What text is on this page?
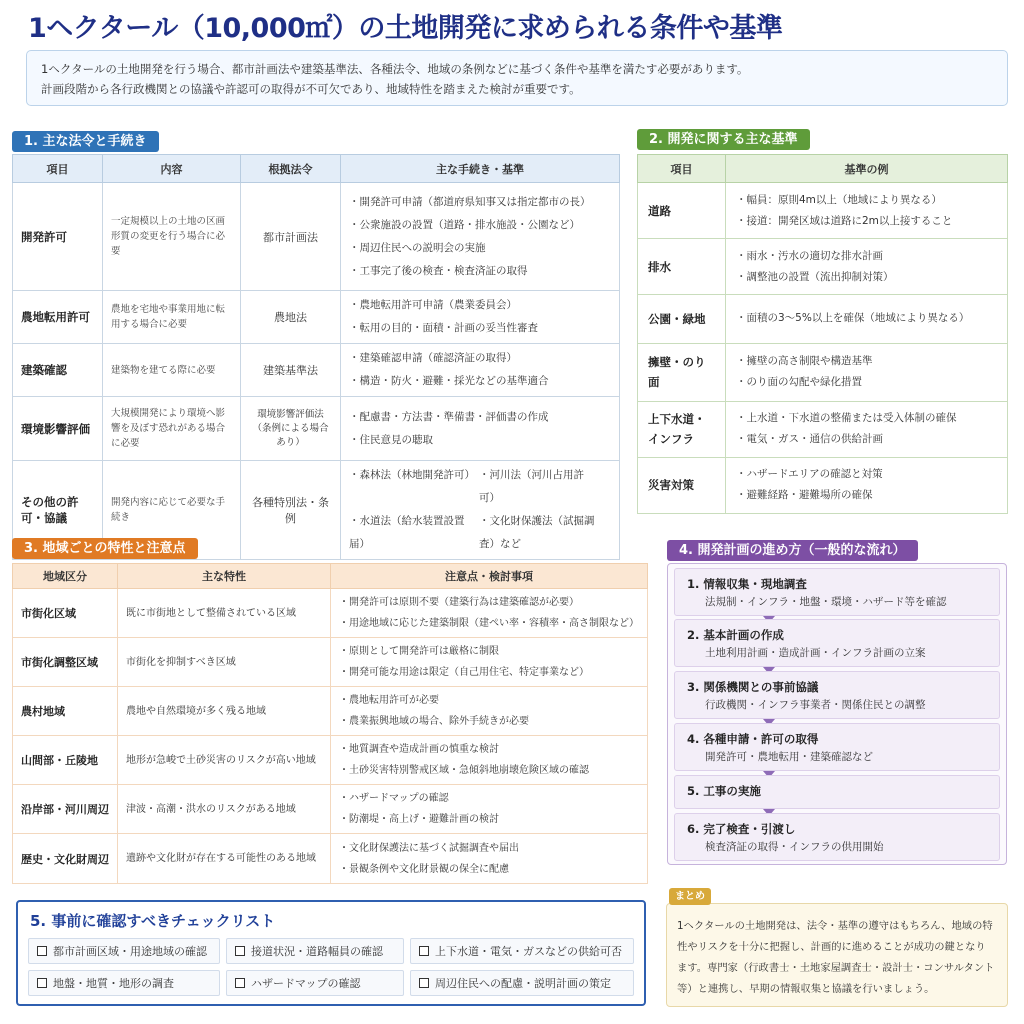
1ヘクタール（10,000㎡）の土地開発に求められる条件や基準
1ヘクタールの土地開発を行う場合、都市計画法や建築基準法、各種法令、地域の条例などに基づく条件や基準を満たす必要があります。
計画段階から各行政機関との協議や許認可の取得が不可欠であり、地域特性を踏まえた検討が重要です。
1. 主な法令と手続き
項目	内容	根拠法令	主な手続き・基準
開発許可	一定規模以上の土地の区画形質の変更を行う場合に必要	都市計画法	・開発許可申請（都道府県知事又は指定都市の長）
・公衆施設の設置（道路・排水施設・公園など）
・周辺住民への説明会の実施
・工事完了後の検査・検査済証の取得

農地転用許可	農地を宅地や事業用地に転用する場合に必要	農地法	・農地転用許可申請（農業委員会）
・転用の目的・面積・計画の妥当性審査

建築確認	建築物を建てる際に必要	建築基準法	・建築確認申請（確認済証の取得）
・構造・防火・避難・採光などの基準適合

環境影響評価	大規模開発により環境へ影響を及ぼす恐れがある場合に必要	環境影響評価法（条例による場合あり）	・配慮書・方法書・準備書・評価書の作成
・住民意見の聴取

その他の許可・協議	開発内容に応じて必要な手続き	各種特別法・条例	・森林法（林地開発許可） ・河川法（河川占用許可）
・水道法（給水装置設置届）
・文化財保護法（試掘調査）など
2. 開発に関する主な基準
項目	基準の例
道路	・幅員：原則4m以上（地域により異なる）
・接道：開発区域は道路に2m以上接すること

排水	・雨水・汚水の適切な排水計画
・調整池の設置（流出抑制対策）

公園・緑地	・面積の3～5%以上を確保（地域により異なる）

擁壁・のり面	・擁壁の高さ制限や構造基準
・のり面の勾配や緑化措置

上下水道・インフラ	・上水道・下水道の整備または受入体制の確保
・電気・ガス・通信の供給計画

災害対策	・ハザードエリアの確認と対策
・避難経路・避難場所の確保
3. 地域ごとの特性と注意点
地域区分	主な特性	注意点・検討事項
市街化区域	既に市街地として整備されている区域	・開発許可は原則不要（建築行為は建築確認が必要）
・用途地域に応じた建築制限（建ぺい率・容積率・高さ制限など）

市街化調整区域	市街化を抑制すべき区域	・原則として開発許可は厳格に制限
・開発可能な用途は限定（自己用住宅、特定事業など）

農村地域	農地や自然環境が多く残る地域	・農地転用許可が必要
・農業振興地域の場合、除外手続きが必要

山間部・丘陵地	地形が急峻で土砂災害のリスクが高い地域	・地質調査や造成計画の慎重な検討
・土砂災害特別警戒区域・急傾斜地崩壊危険区域の確認

沿岸部・河川周辺	津波・高潮・洪水のリスクがある地域	・ハザードマップの確認
・防潮堤・高上げ・避難計画の検討

歴史・文化財周辺	遺跡や文化財が存在する可能性のある地域	・文化財保護法に基づく試掘調査や届出
・景観条例や文化財景観の保全に配慮
4. 開発計画の進め方（一般的な流れ）
1. 情報収集・現地調査
法規制・インフラ・地盤・環境・ハザード等を確認
2. 基本計画の作成
土地利用計画・造成計画・インフラ計画の立案
3. 関係機関との事前協議
行政機関・インフラ事業者・関係住民との調整
4. 各種申請・許可の取得
開発許可・農地転用・建築確認など
5. 工事の実施
6. 完了検査・引渡し
検査済証の取得・インフラの供用開始
5. 事前に確認すべきチェックリスト
都市計画区域・用途地域の確認	接道状況・道路幅員の確認	上下水道・電気・ガスなどの供給可否
地盤・地質・地形の調査	ハザードマップの確認	周辺住民への配慮・説明計画の策定
1ヘクタールの土地開発は、法令・基準の遵守はもちろん、地域の特
性やリスクを十分に把握し、計画的に進めることが成功の鍵となり
ます。専門家（行政書士・土地家屋調査士・設計士・コンサルタント
等）と連携し、早期の情報収集と協議を行いましょう。
まとめ
